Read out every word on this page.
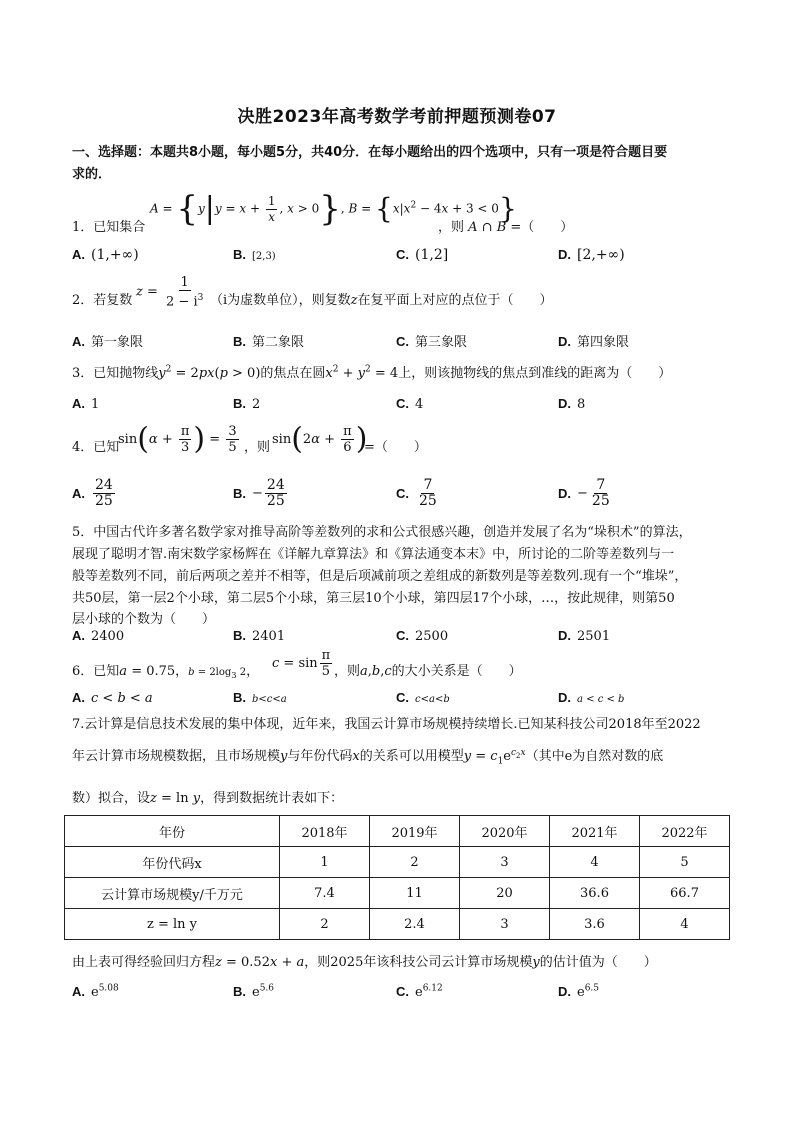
决胜2023年高考数学考前押题预测卷07
一、选择题：本题共8小题，每小题5分，共40分．在每小题给出的四个选项中，只有一项是符合题目要
求的．
1．已知集合
$A = \{y|y = x + \frac{1}{x}$ , x > 0}, $B = \{x|x^2 - 4x + 3 < 0\}$
，则 A ∩ B =（　　）
A. (1,+∞)	B. [2,3)	C. (1,2]	D. [2,+∞)
2．若复数
$z = \frac{1}{2 - i^3} (i$为虚数单位），则复数z在复平面上对应的点位于（　　）
A. 第一象限	B. 第二象限	C. 第三象限	D. 第四象限
3．已知抛物线$y^2 = 2px(p > 0)$的焦点在圆$x^2 + y^2 = 4$上，则该抛物线的焦点到准线的距离为（　　）
A. 1	B. 2	C. 4	D. 8
4．已知
$\sin(\alpha + \frac{\pi}{3}$ ) = $\frac{3}{5}$ ，则
$\sin(2\alpha + \frac{\pi}{6}$ )
=（　　）
A. $\frac{24}{25}$	B. − $\frac{24}{25}$	C. $\frac{7}{25}$	D. − $\frac{7}{25}$
5．中国古代许多著名数学家对推导高阶等差数列的求和公式很感兴趣，创造并发展了名为“垛积术”的算法，
展现了聪明才智.南宋数学家杨辉在《详解九章算法》和《算法通变本末》中，所讨论的二阶等差数列与一
般等差数列不同，前后两项之差并不相等，但是后项减前项之差组成的新数列是等差数列.现有一个“堆垛”，
共50层，第一层2个小球，第二层5个小球，第三层10个小球，第四层17个小球，…，按此规律，则第50
层小球的个数为（　　）
A. 2400	B. 2401	C. 2500	D. 2501
6．已知a = 0.75，$b = 2\log_3$ 2，
$c = \sin \frac{\pi}{5}$ ，则a,b,c的大小关系是（　　）
A. c < b < a	B. b<c<a	C. c<a<b	D. a < c < b
7.云计算是信息技术发展的集中体现，近年来，我国云计算市场规模持续增长.已知某科技公司2018年至2022
年云计算市场规模数据，且市场规模y与年份代码x的关系可以用模型$y = c_1e^{c_2x}$（其中e为自然对数的底
数）拟合，设z = ln y，得到数据统计表如下：
年份	2018年	2019年	2020年	2021年	2022年
年份代码x	1	2	3	4	5
云计算市场规模y/千万元	7.4	11	20	36.6	66.7
z = ln y	2	2.4	3	3.6	4
由上表可得经验回归方程z = 0.52x + a，则2025年该科技公司云计算市场规模y的估计值为（　　）
A. $e^{5.08}$	B. $e^{5.6}$	C. $e^{6.12}$	D. $e^{6.5}$
